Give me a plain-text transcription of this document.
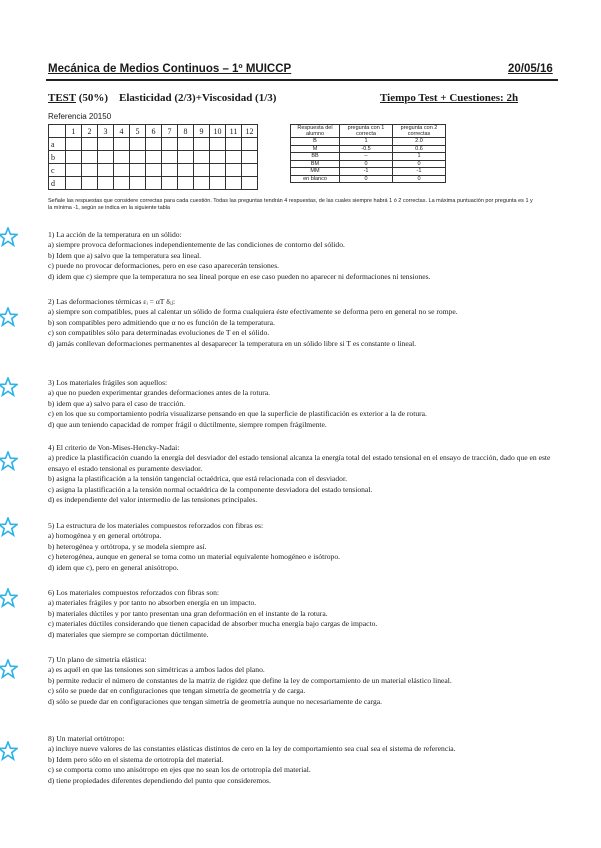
Mecánica de Medios Continuos – 1º MUICCP	20/05/16
TEST (50%) Elasticidad (2/3)+Viscosidad (1/3)	Tiempo Test + Cuestiones: 2h
Referencia 20150
	1	2	3	4	5	6	7	8	9	10	11	12
a												
b												
c												
d												
Respuesta del alumno	pregunta con 1 correcta	pregunta con 2 correctas
B	1	2.0
M	-0.5	0.6
BB	–	1
BM	0	0
MM	-1	-1
en blanco	0	0
Señale las respuestas que considere correctas para cada cuestión. Todas las preguntas tendrán 4 respuestas, de las cuales siempre habrá 1 ó 2 correctas. La máxima puntuación por pregunta es 1 y la mínima -1, según se indica en la siguiente tabla

1) La acción de la temperatura en un sólido:

a) siempre provoca deformaciones independientemente de las condiciones de contorno del sólido.

b) Idem que a) salvo que la temperatura sea lineal.

c) puede no provocar deformaciones, pero en ese caso aparecerán tensiones.

d) idem que c) siempre que la temperatura no sea lineal porque en ese caso pueden no aparecer ni deformaciones ni tensiones.

2) Las deformaciones térmicas εᵢ = αT δᵢⱼ:

a) siempre son compatibles, pues al calentar un sólido de forma cualquiera éste efectivamente se deforma pero en general no se rompe.

b) son compatibles pero admitiendo que α no es función de la temperatura.

c) son compatibles sólo para determinadas evoluciones de T en el sólido.

d) jamás conllevan deformaciones permanentes al desaparecer la temperatura en un sólido libre si T es constante o lineal.

3) Los materiales frágiles son aquellos:

a) que no pueden experimentar grandes deformaciones antes de la rotura.

b) idem que a) salvo para el caso de tracción.

c) en los que su comportamiento podría visualizarse pensando en que la superficie de plastificación es exterior a la de rotura.

d) que aun teniendo capacidad de romper frágil o dúctilmente, siempre rompen frágilmente.

4) El criterio de Von-Mises-Hencky-Nadai:

a) predice la plastificación cuando la energía del desviador del estado tensional alcanza la energía total del estado tensional en el ensayo de tracción, dado que en este ensayo el estado tensional es puramente desviador.

b) asigna la plastificación a la tensión tangencial octaédrica, que está relacionada con el desviador.

c) asigna la plastificación a la tensión normal octaédrica de la componente desviadora del estado tensional.

d) es independiente del valor intermedio de las tensiones principales.

5) La estructura de los materiales compuestos reforzados con fibras es:

a) homogénea y en general ortótropa.

b) heterogénea y ortótropa, y se modela siempre así.

c) heterogénea, aunque en general se toma como un material equivalente homogéneo e isótropo.

d) idem que c), pero en general anisótropo.

6) Los materiales compuestos reforzados con fibras son:

a) materiales frágiles y por tanto no absorben energía en un impacto.

b) materiales dúctiles y por tanto presentan una gran deformación en el instante de la rotura.

c) materiales dúctiles considerando que tienen capacidad de absorber mucha energía bajo cargas de impacto.

d) materiales que siempre se comportan dúctilmente.

7) Un plano de simetría elástica:

a) es aquél en que las tensiones son simétricas a ambos lados del plano.

b) permite reducir el número de constantes de la matriz de rigidez que define la ley de comportamiento de un material elástico lineal.

c) sólo se puede dar en configuraciones que tengan simetría de geometría y de carga.

d) sólo se puede dar en configuraciones que tengan simetría de geometría aunque no necesariamente de carga.

8) Un material ortótropo:

a) incluye nueve valores de las constantes elásticas distintos de cero en la ley de comportamiento sea cual sea el sistema de referencia.

b) Idem pero sólo en el sistema de ortotropía del material.

c) se comporta como uno anisótropo en ejes que no sean los de ortotropía del material.

d) tiene propiedades diferentes dependiendo del punto que consideremos.
